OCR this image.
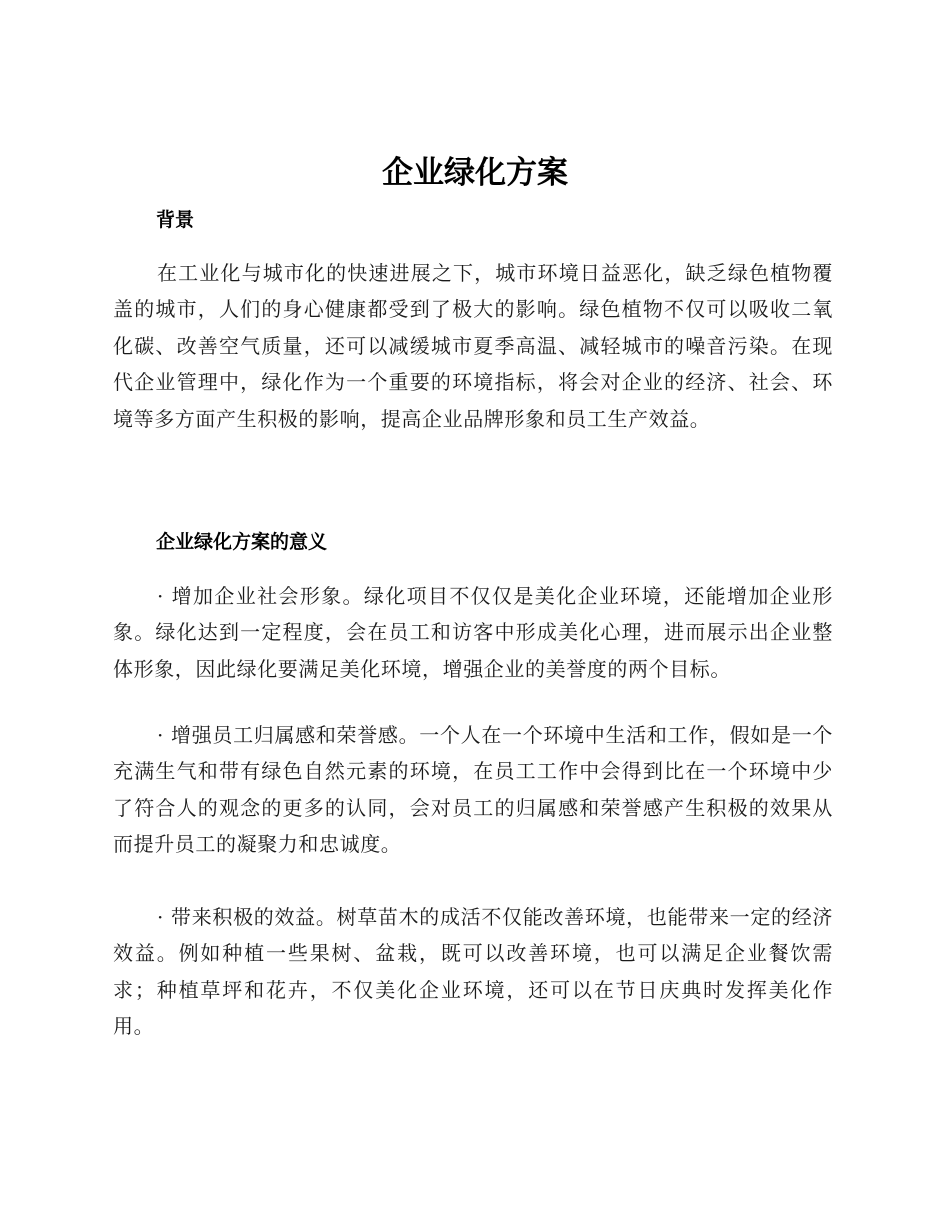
企业绿化方案
背景

在工业化与城市化的快速进展之下，城市环境日益恶化，缺乏绿色植物覆盖的城市，人们的身心健康都受到了极大的影响。绿色植物不仅可以吸收二氧化碳、改善空气质量，还可以减缓城市夏季高温、减轻城市的噪音污染。在现代企业管理中，绿化作为一个重要的环境指标，将会对企业的经济、社会、环境等多方面产生积极的影响，提高企业品牌形象和员工生产效益。

企业绿化方案的意义

· 增加企业社会形象。绿化项目不仅仅是美化企业环境，还能增加企业形象。绿化达到一定程度，会在员工和访客中形成美化心理，进而展示出企业整体形象，因此绿化要满足美化环境，增强企业的美誉度的两个目标。

· 增强员工归属感和荣誉感。一个人在一个环境中生活和工作，假如是一个充满生气和带有绿色自然元素的环境，在员工工作中会得到比在一个环境中少了符合人的观念的更多的认同，会对员工的归属感和荣誉感产生积极的效果从而提升员工的凝聚力和忠诚度。

· 带来积极的效益。树草苗木的成活不仅能改善环境，也能带来一定的经济效益。例如种植一些果树、盆栽，既可以改善环境，也可以满足企业餐饮需求；种植草坪和花卉，不仅美化企业环境，还可以在节日庆典时发挥美化作用。
